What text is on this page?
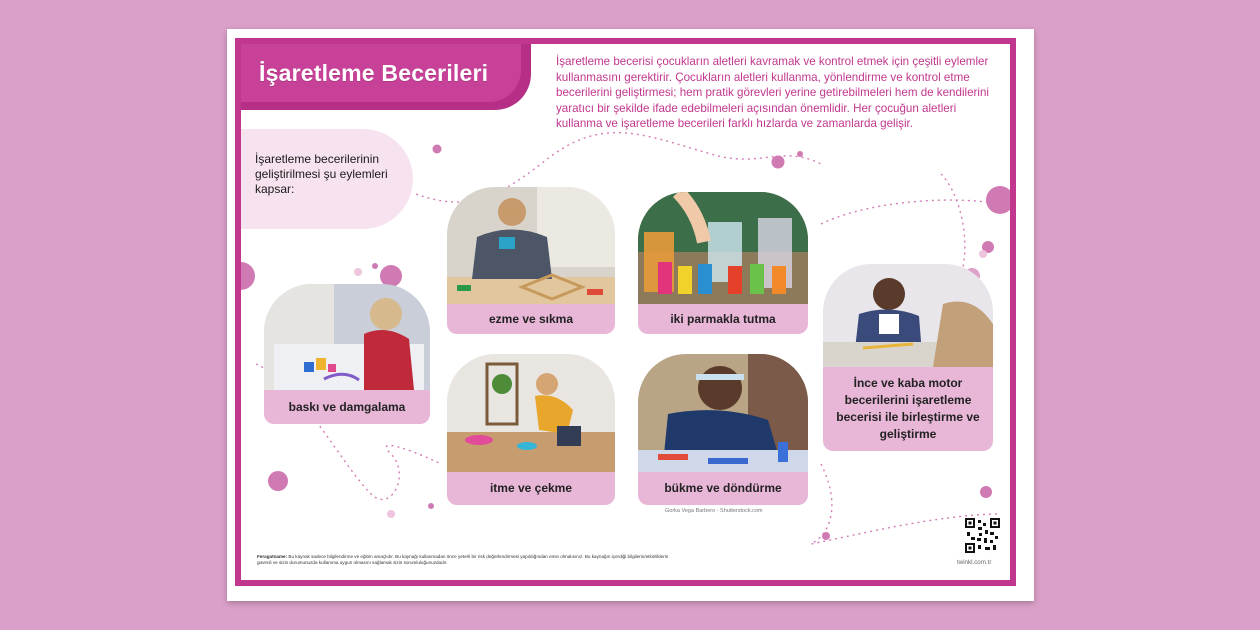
İşaretleme Becerileri	İşaretleme becerisi çocukların aletleri kavramak ve kontrol etmek için çeşitli eylemler kullanmasını gerektirir. Çocukların aletleri kullanma, yönlendirme ve kontrol etme becerilerini geliştirmesi; hem pratik görevleri yerine getirebilmeleri hem de kendilerini yaratıcı bir şekilde ifade edebilmeleri açısından önemlidir. Her çocuğun aletleri kullanma ve işaretleme becerileri farklı hızlarda ve zamanlarda gelişir.

İşaretleme becerilerinin geliştirilmesi şu eylemleri kapsar:

baskı ve damgalama
ezme ve sıkma	iki parmakla tutma
itme ve çekme	bükme ve döndürme
İnce ve kaba motor becerilerini işaretleme becerisi ile birleştirme ve geliştirme
Gorka Vega Barbero - Shutterstock.com

Feragatname: Bu kaynak sadece bilgilendirme ve eğitim amaçlıdır. Bu kaynağı kullanmadan önce yeterli bir risk değerlendirmesi yapıldığından emin olmalısınız. Bu kaynağın içerdiği bilgilerin/etkinliklerin güvenli ve sizin durumunuzda kullanıma uygun olmasını sağlamak sizin sorumluluğunuzdadır.	twinkl.com.tr
